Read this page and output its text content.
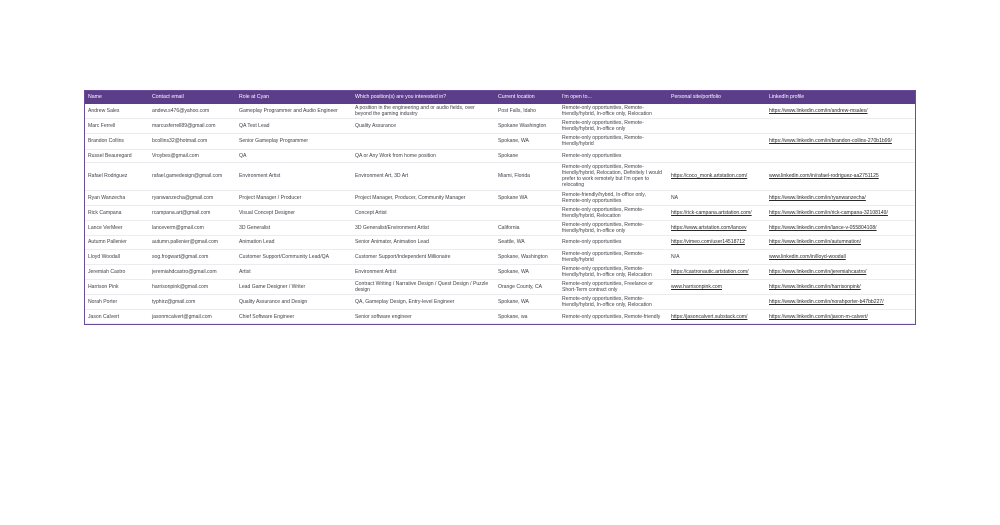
Name	Contact email	Role at Cyan	Which position(s) are you interested in?	Current location	I'm open to...	Personal site/portfolio	LinkedIn profile
Andrew Sales	andew.s476@yahoo.com	Gameplay Programmer and Audio Engineer	A position in the engineering and or audio fields, over beyond the gaming industry	Post Falls, Idaho	Remote-only opportunities, Remote-friendly/hybrid, In-office only, Relocation		https://www.linkedin.com/in/andrew-msales/
Marc Ferrell	marcusferrell89@gmail.com	QA Test Lead	Quality Assurance	Spokane Washington	Remote-only opportunities, Remote-friendly/hybrid, In-office only		
Brandon Collins	bcollins32@hotmail.com	Senior Gameplay Programmer		Spokane, WA	Remote-only opportunities, Remote-friendly/hybrid		https://www.linkedin.com/in/brandon-collins-270b1b99/
Russel Beauregard	Vroybes@gmail.com	QA	QA or Any Work from home position	Spokane	Remote-only opportunities		
Rafael Rodriguez	rafael.gamedesign@gmail.com	Environment Artist	Environment Art, 3D Art	Miami, Florida	Remote-only opportunities, Remote-friendly/hybrid, Relocation, Definitely I would prefer to work remotely but I'm open to relocating	https://coco_monk.artstation.com/	www.linkedin.com/in/rafael-rodriguez-aa2751125
Ryan Wanzecha	ryanwanzecha@gmail.com	Project Manager / Producer	Project Manager, Producer, Community Manager	Spokane WA	Remote-friendly/hybrid, In-office only, Remote-only opportunities	NA	https://www.linkedin.com/in/ryanwanzecha/
Rick Campana	rcampana.art@gmail.com	Visual Concept Designer	Concept Artist		Remote-only opportunities, Remote-friendly/hybrid, Relocation	https://rick-campana.artstation.com/	https://www.linkedin.com/in/rick-campana-32108149/
Lance VerMeer	lanceverm@gmail.com	3D Generalist	3D Generalist/Environment Artist	California	Remote-only opportunities, Remote-friendly/hybrid, In-office only	https://www.artstation.com/lancev	https://www.linkedin.com/in/lance-v-055804108/
Autumn Pallenier	autumn.pallenier@gmail.com	Animation Lead	Senior Animator, Animation Lead	Seattle, WA	Remote-only opportunities	https://vimeo.com/user14518712	https://www.linkedin.com/in/autumnation/
Lloyd Woodall	sog.frogwart@gmail.com	Customer Support/Community Lead/QA	Customer Support/Independent Millionaire	Spokane, Washington	Remote-only opportunities, Remote-friendly/hybrid	N/A	www.linkedin.com/in/lloyd-woodall
Jeremiah Castro	jeremiahdcastro@gmail.com	Artist	Environment Artist	Spokane, WA	Remote-only opportunities, Remote-friendly/hybrid, In-office only, Relocation	https://castronautic.artstation.com/	https://www.linkedin.com/in/jeremiahcastro/
Harrison Pink	harrisonpink@gmail.com	Lead Game Designer / Writer	Contract Writing / Narrative Design / Quest Design / Puzzle design	Orange County, CA	Remote-only opportunities, Freelance or Short-Term contract only	www.harrisonpink.com	https://www.linkedin.com/in/harrisonpink/
Norah Porter	typhirz@gmail.com	Quality Assurance and Design	QA, Gameplay Design, Entry-level Engineer	Spokane, WA	Remote-only opportunities, Remote-friendly/hybrid, In-office only, Relocation		https://www.linkedin.com/in/norahporter-b47bb227/
Jason Calvert	jasonmcalvert@gmail.com	Chief Software Engineer	Senior software engineer	Spokane, wa	Remote-only opportunities, Remote-friendly	https://jasoncalvert.substack.com/	https://www.linkedin.com/in/jason-m-calvert/
